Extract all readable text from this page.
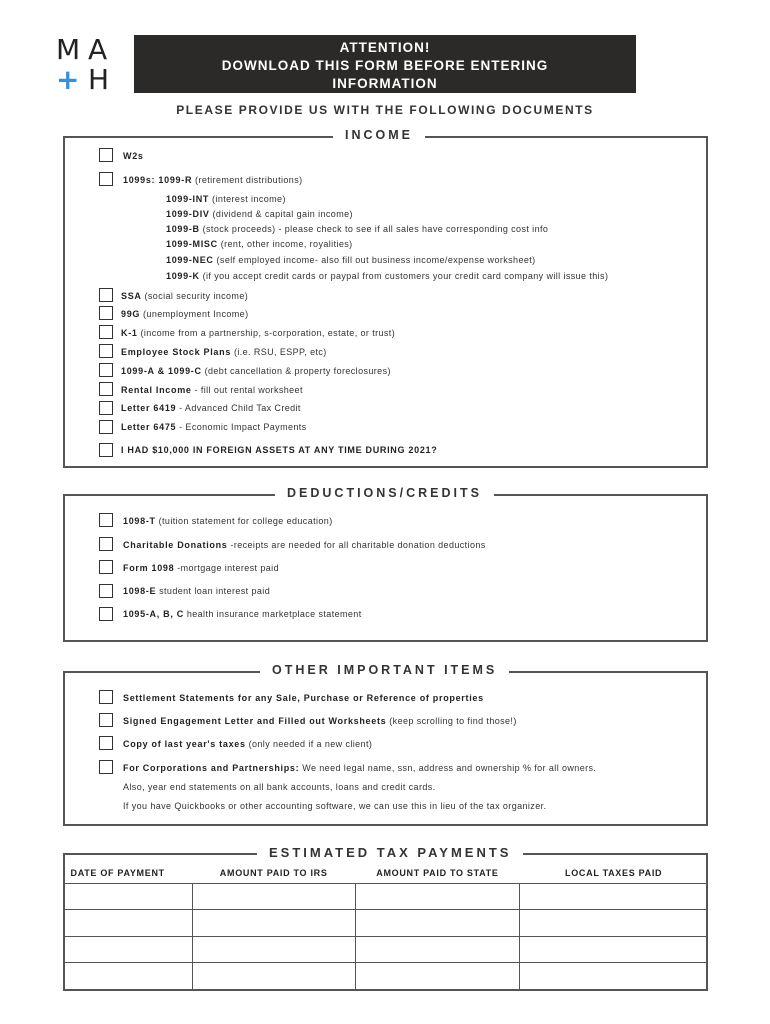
M A
+ H
ATTENTION!
DOWNLOAD THIS FORM BEFORE ENTERING
INFORMATION
PLEASE PROVIDE US WITH THE FOLLOWING DOCUMENTS
INCOME
W2s
1099s: 1099-R (retirement distributions)
1099-INT (interest income)
1099-DIV (dividend & capital gain income)
1099-B (stock proceeds) - please check to see if all sales have corresponding cost info
1099-MISC (rent, other income, royalities)
1099-NEC (self employed income- also fill out business income/expense worksheet)
1099-K (if you accept credit cards or paypal from customers your credit card company will issue this)
SSA (social security income)
99G (unemployment Income)
K-1 (income from a partnership, s-corporation, estate, or trust)
Employee Stock Plans (i.e. RSU, ESPP, etc)
1099-A & 1099-C (debt cancellation & property foreclosures)
Rental Income - fill out rental worksheet
Letter 6419 - Advanced Child Tax Credit
Letter 6475 - Economic Impact Payments
I HAD $10,000 IN FOREIGN ASSETS AT ANY TIME DURING 2021?
DEDUCTIONS/CREDITS
1098-T (tuition statement for college education)
Charitable Donations -receipts are needed for all charitable donation deductions
Form 1098 -mortgage interest paid
1098-E student loan interest paid
1095-A, B, C health insurance marketplace statement
OTHER IMPORTANT ITEMS
Settlement Statements for any Sale, Purchase or Reference of properties
Signed Engagement Letter and Filled out Worksheets (keep scrolling to find those!)
Copy of last year's taxes (only needed if a new client)
For Corporations and Partnerships: We need legal name, ssn, address and ownership % for all owners.
Also, year end statements on all bank accounts, loans and credit cards.
If you have Quickbooks or other accounting software, we can use this in lieu of the tax organizer.
DATE OF PAYMENT	AMOUNT PAID TO IRS	AMOUNT PAID TO STATE	LOCAL TAXES PAID

ESTIMATED TAX PAYMENTS
